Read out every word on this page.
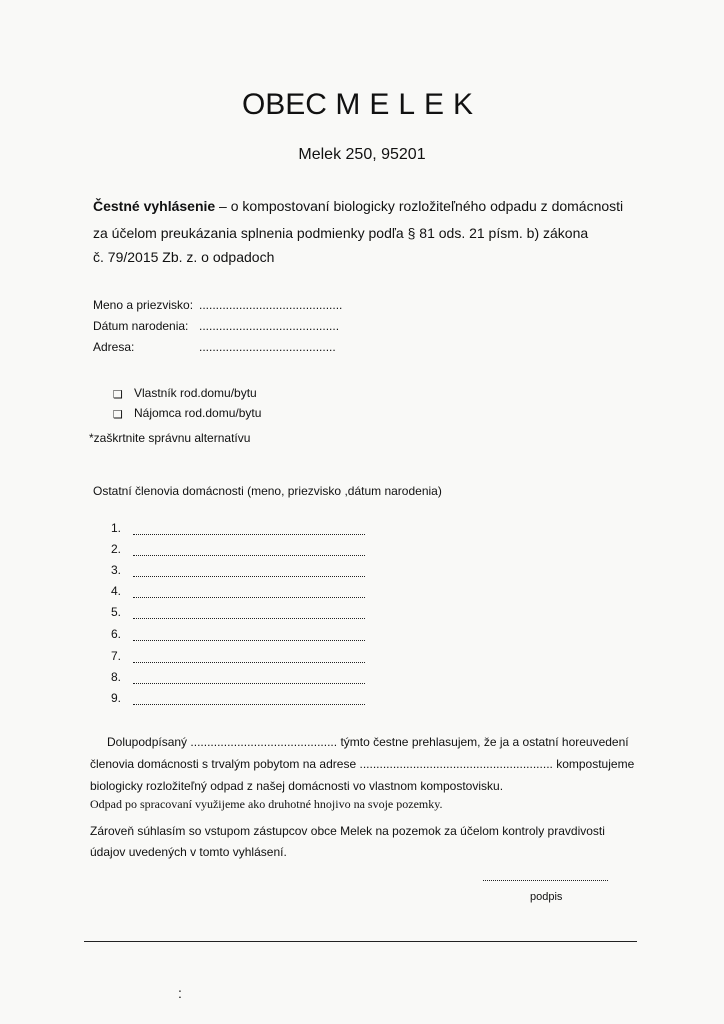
OBEC MELEK
Melek 250, 95201
Čestné vyhlásenie – o kompostovaní biologicky rozložiteľného odpadu z domácnosti
za účelom preukázania splnenia podmienky podľa § 81 ods. 21 písm. b) zákona
č. 79/2015 Zb. z. o odpadoch
Meno a priezvisko: ...........................................
Dátum narodenia: ..........................................
Adresa:	.........................................
❑ Vlastník rod.domu/bytu
❑ Nájomca rod.domu/bytu
*zaškrtnite správnu alternatívu
Ostatní členovia domácnosti (meno, priezvisko ,dátum narodenia)
1.
2.
3.
4.
5.
6.
7.
8.
9.
Dolupodpísaný ............................................ týmto čestne prehlasujem, že ja a ostatní horeuvedení
členovia domácnosti s trvalým pobytom na adrese .......................................................... kompostujeme
biologicky rozložiteľný odpad z našej domácnosti vo vlastnom kompostovisku.
Odpad po spracovaní využijeme ako druhotné hnojivo na svoje pozemky.
Zároveň súhlasím so vstupom zástupcov obce Melek na pozemok za účelom kontroly pravdivosti
údajov uvedených v tomto vyhlásení.
podpis
:
